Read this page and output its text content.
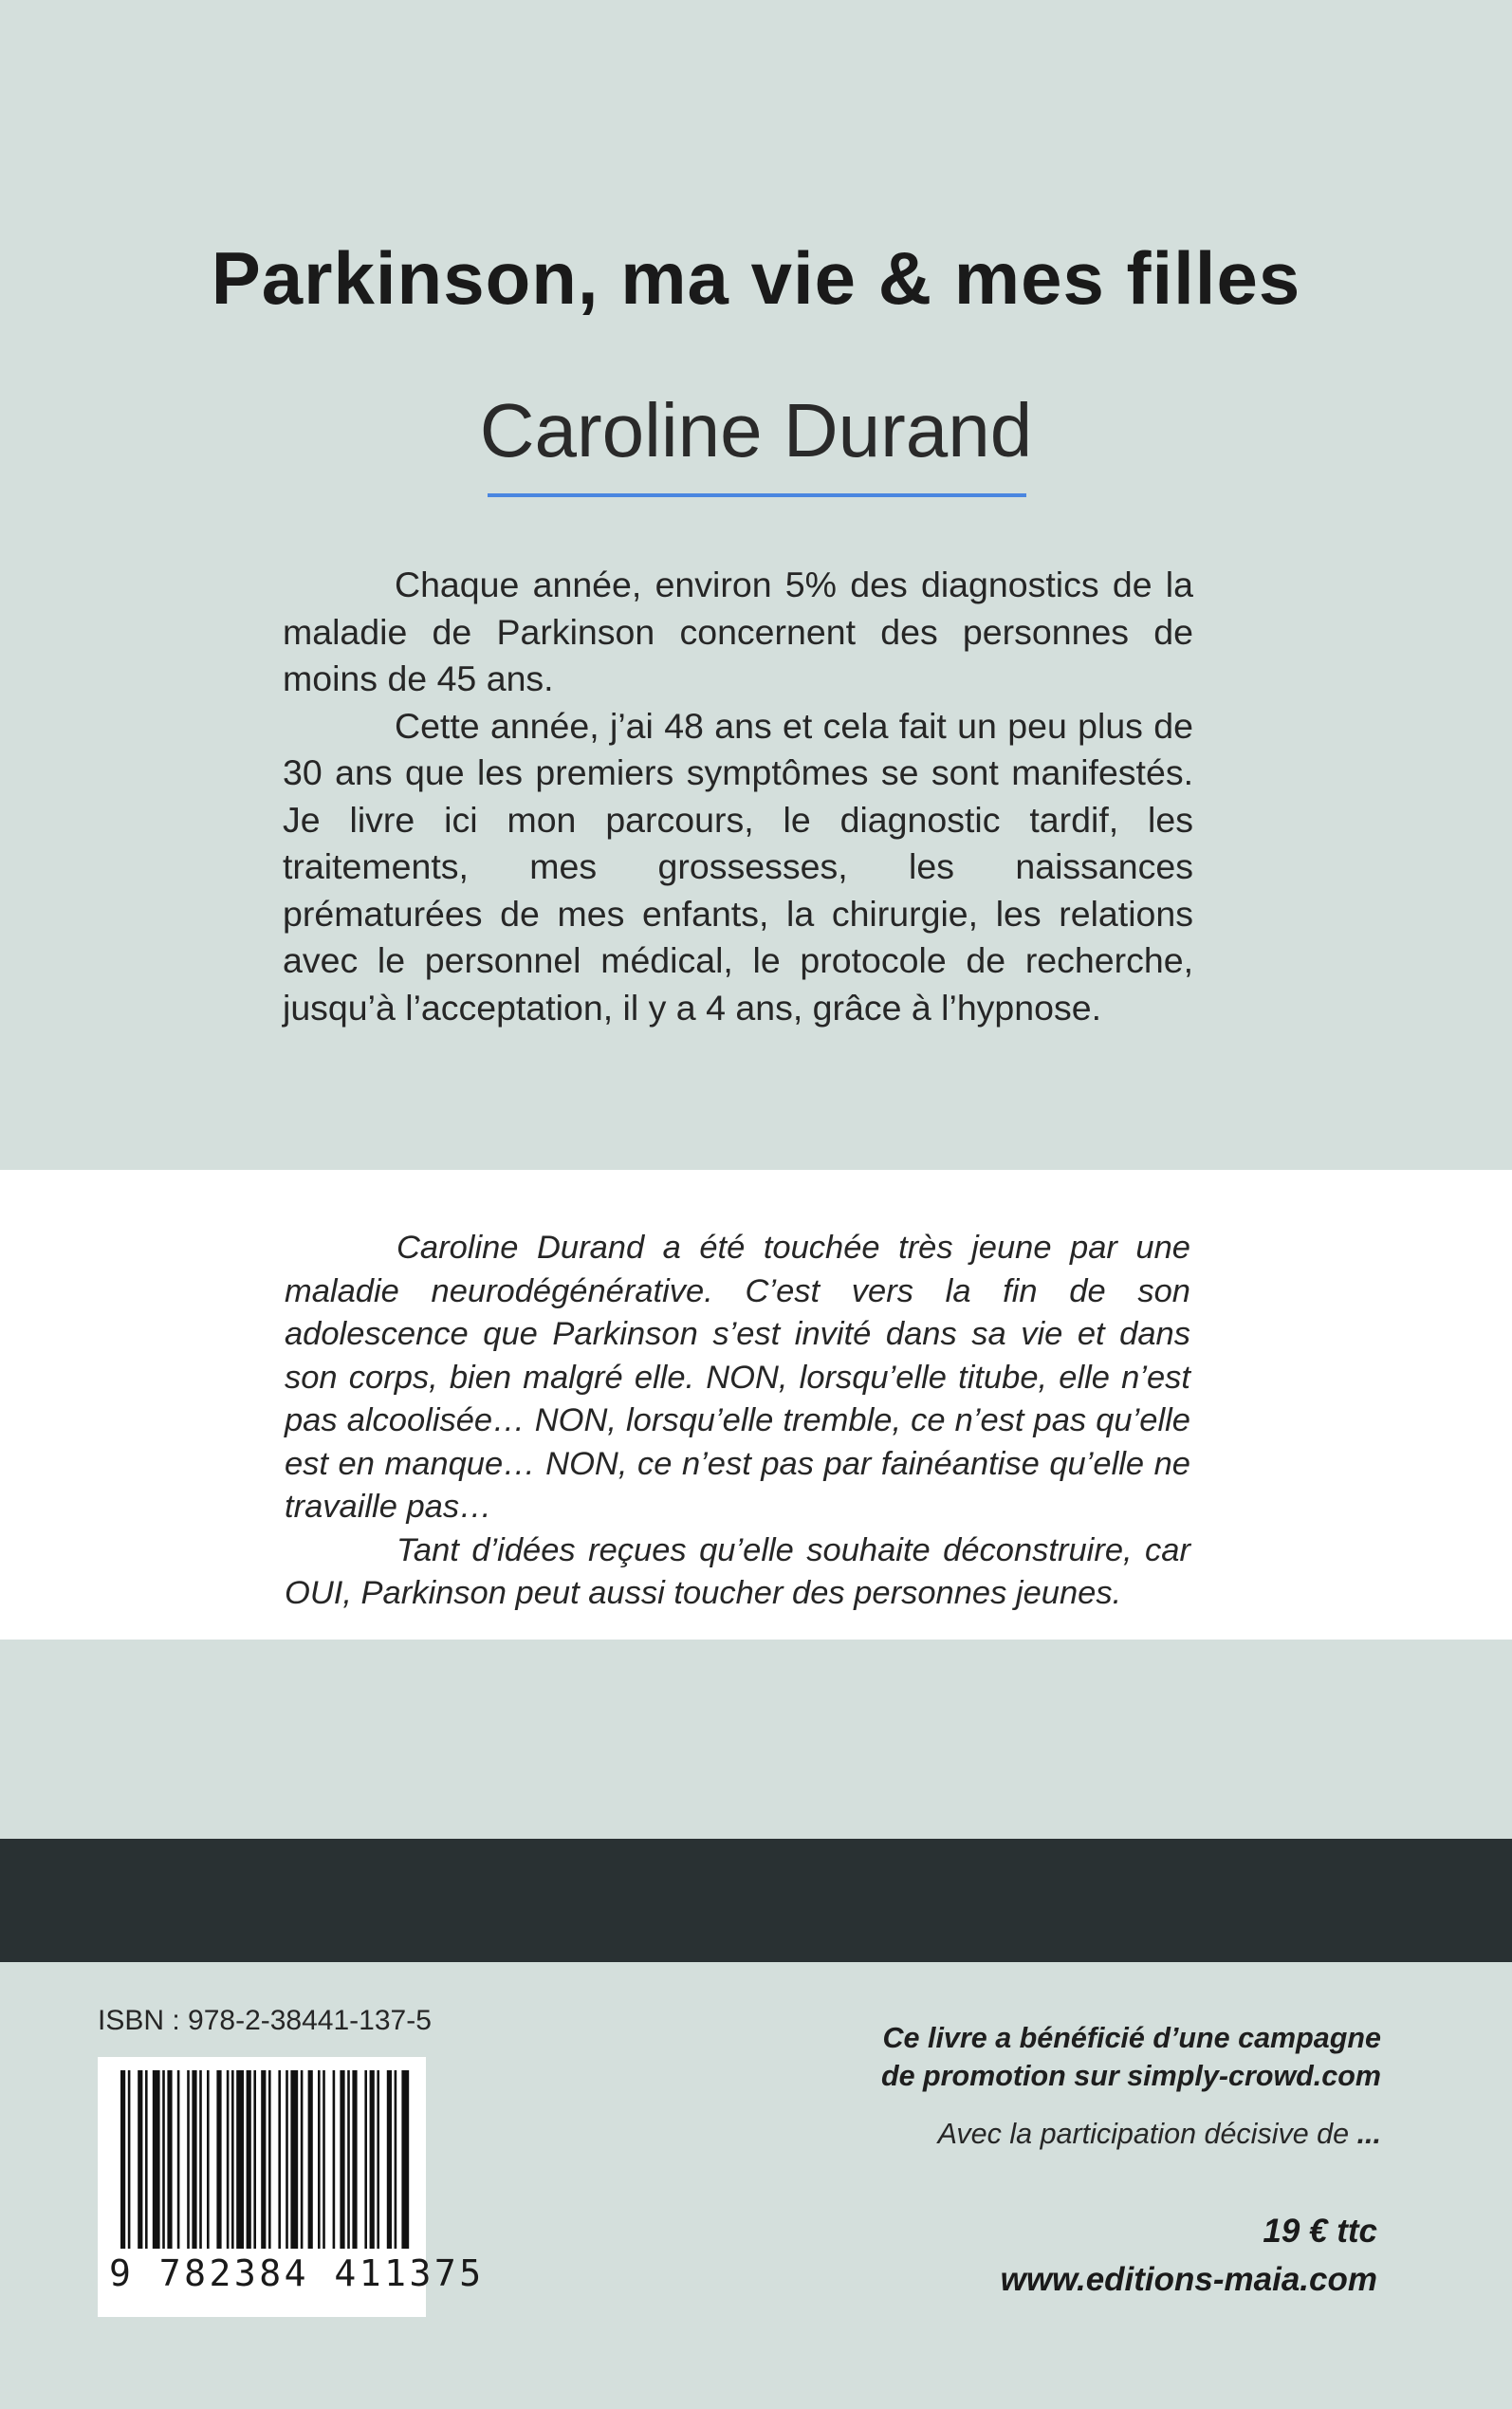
Parkinson, ma vie & mes filles
Caroline Durand

Chaque année, environ 5% des diagnostics de la maladie de Parkinson concernent des personnes de moins de 45 ans.

Cette année, j’ai 48 ans et cela fait un peu plus de 30 ans que les premiers symptômes se sont manifestés. Je livre ici mon parcours, le diagnostic tardif, les traitements, mes grossesses, les naissances prématurées de mes enfants, la chirurgie, les relations avec le personnel médical, le protocole de recherche, jusqu’à l’acceptation, il y a 4 ans, grâce à l’hypnose.

Caroline Durand a été touchée très jeune par une maladie neurodégénérative. C’est vers la fin de son adolescence que Parkinson s’est invité dans sa vie et dans son corps, bien malgré elle. NON, lorsqu’elle titube, elle n’est pas alcoolisée… NON, lorsqu’elle tremble, ce n’est pas qu’elle est en manque… NON, ce n’est pas par fainéantise qu’elle ne travaille pas…

Tant d’idées reçues qu’elle souhaite déconstruire, car OUI, Parkinson peut aussi toucher des personnes jeunes.

ISBN : 978-2-38441-137-5
9 782384 411375
Ce livre a bénéficié d’une campagne
de promotion sur simply-crowd.com
Avec la participation décisive de ...
19 € ttc
www.editions-maia.com
